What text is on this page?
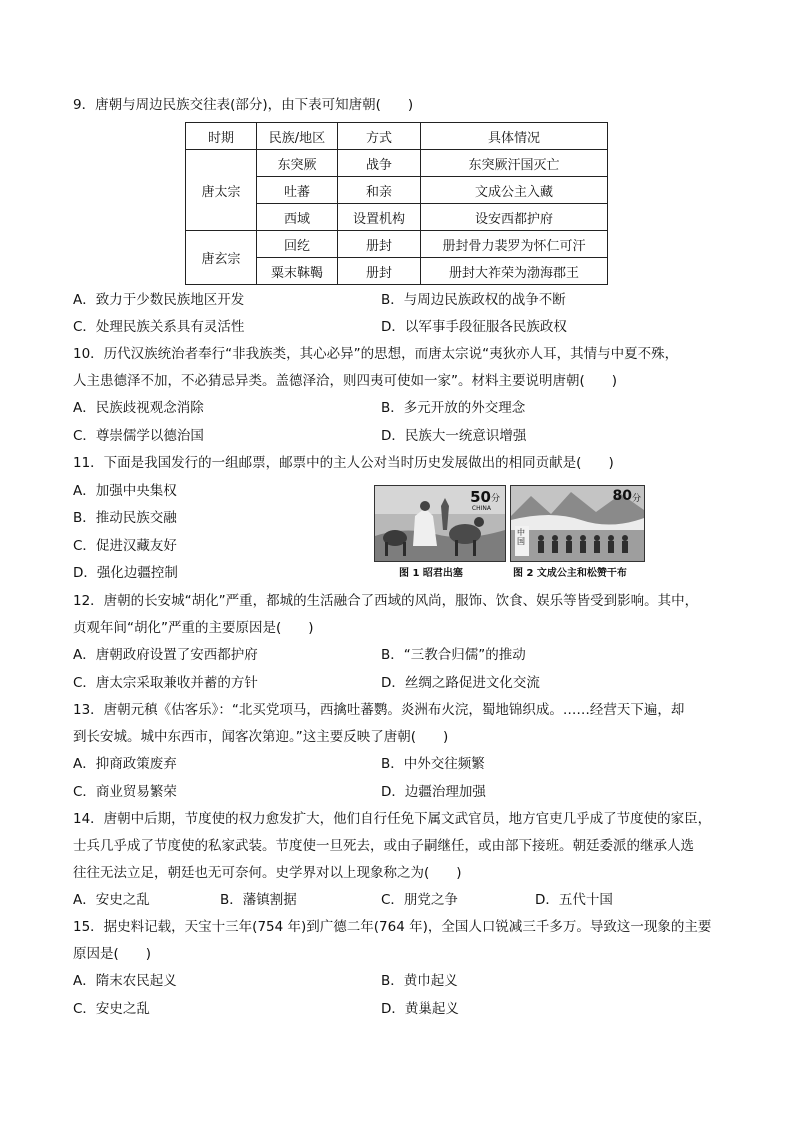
9．唐朝与周边民族交往表(部分)，由下表可知唐朝(　　)
时期	民族/地区	方式	具体情况
唐太宗	东突厥	战争	东突厥汗国灭亡
	吐蕃	和亲	文成公主入藏
	西域	设置机构	设安西都护府
唐玄宗	回纥	册封	册封骨力裴罗为怀仁可汗
	粟末靺鞨	册封	册封大祚荣为渤海郡王
A．致力于少数民族地区开发	B．与周边民族政权的战争不断
C．处理民族关系具有灵活性	D．以军事手段征服各民族政权
10．历代汉族统治者奉行“非我族类，其心必异”的思想，而唐太宗说“夷狄亦人耳，其情与中夏不殊，
人主患德泽不加，不必猜忌异类。盖德泽洽，则四夷可使如一家”。材料主要说明唐朝(　　)
A．民族歧视观念消除	B．多元开放的外交理念
C．尊崇儒学以德治国	D．民族大一统意识增强
11．下面是我国发行的一组邮票，邮票中的主人公对当时历史发展做出的相同贡献是(　　)
A．加强中央集权
B．推动民族交融
C．促进汉藏友好
D．强化边疆控制
50 分
CHINA
图 1 昭君出塞
中国
80 分
图 2 文成公主和松赞干布
12．唐朝的长安城“胡化”严重，都城的生活融合了西域的风尚，服饰、饮食、娱乐等皆受到影响。其中，
贞观年间“胡化”严重的主要原因是(　　)
A．唐朝政府设置了安西都护府	B．“三教合归儒”的推动
C．唐太宗采取兼收并蓄的方针	D．丝绸之路促进文化交流
13．唐朝元稹《估客乐》：“北买党项马，西擒吐蕃鹦。炎洲布火浣，蜀地锦织成。……经营天下遍，却
到长安城。城中东西市，闻客次第迎。”这主要反映了唐朝(　　)
A．抑商政策废弃	B．中外交往频繁
C．商业贸易繁荣	D．边疆治理加强
14．唐朝中后期，节度使的权力愈发扩大，他们自行任免下属文武官员，地方官吏几乎成了节度使的家臣，
士兵几乎成了节度使的私家武装。节度使一旦死去，或由子嗣继任，或由部下接班。朝廷委派的继承人选
往往无法立足，朝廷也无可奈何。史学界对以上现象称之为(　　)
A．安史之乱	B．藩镇割据	C．朋党之争	D．五代十国
15．据史料记载，天宝十三年(754 年)到广德二年(764 年)，全国人口锐减三千多万。导致这一现象的主要
原因是(　　)
A．隋末农民起义	B．黄巾起义
C．安史之乱	D．黄巢起义
